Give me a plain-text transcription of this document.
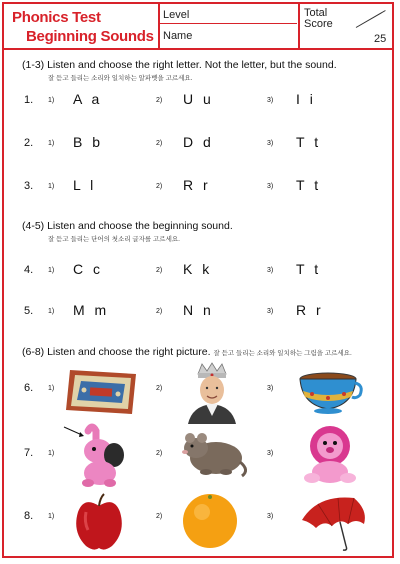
Phonics Test
Beginning Sounds
Level
Name
Total
Score
25
(1-3) Listen and choose the right letter. Not the letter, but the sound.
잘 듣고 들리는 소리와 일치하는 알파벳을 고르세요.
1. 1) A a	2) U u	3) I i
2. 1) B b	2) D d	3) T t
3. 1) L l	2) R r	3) T t
(4-5) Listen and choose the beginning sound.
잘 듣고 들리는 단어의 첫소리 글자를 고르세요.
4. 1) C c	2) K k	3) T t
5. 1) M m	2) N n	3) R r
(6-8) Listen and choose the right picture. 잘 듣고 들리는 소리와 일치하는 그림을 고르세요.
6. 1)	2)	3)
7. 1)	2)	3)
8. 1)	2)	3)
